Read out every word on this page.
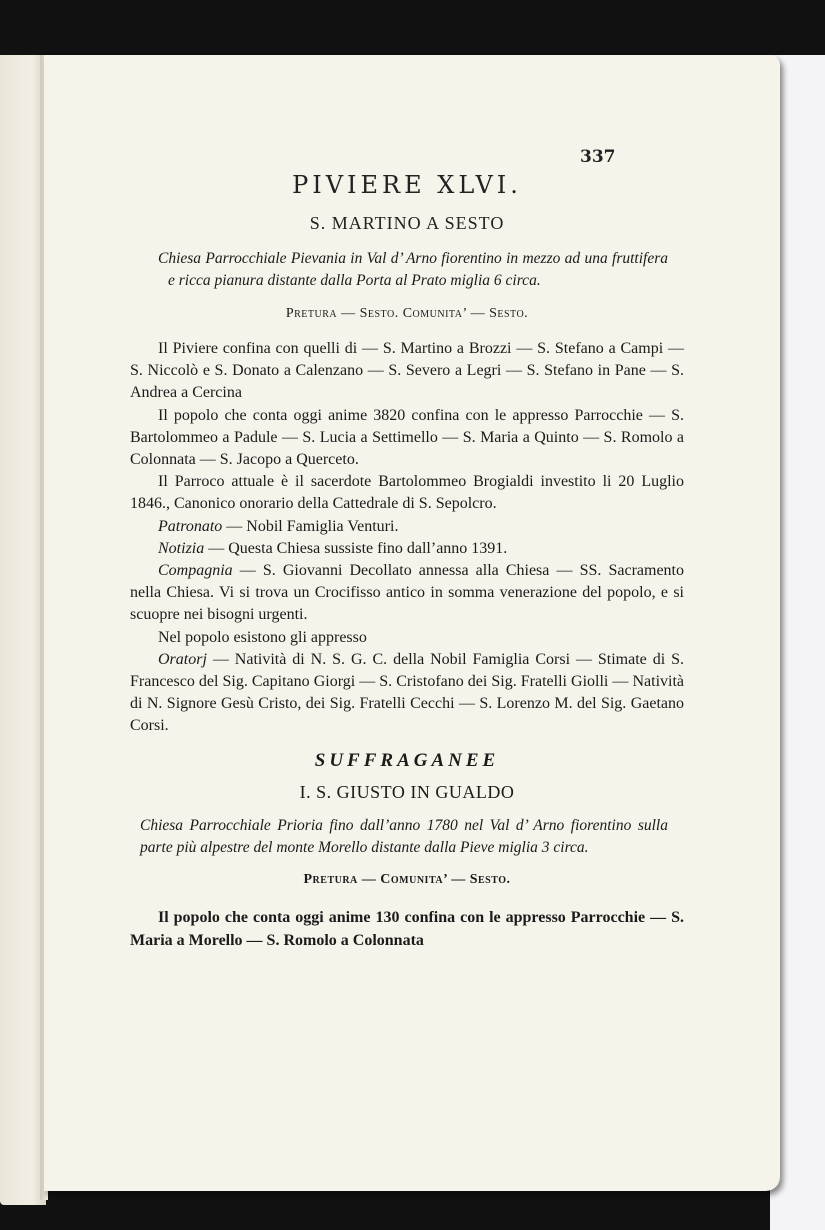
337
PIVIERE XLVI.
S. MARTINO A SESTO
Chiesa Parrocchiale Pievania in Val d’ Arno fiorentino in mezzo ad una fruttifera e ricca pianura distante dalla Porta al Prato miglia 6 circa.
Pretura — Sesto. Comunita’ — Sesto.

Il Piviere confina con quelli di — S. Martino a Brozzi — S. Stefano a Campi — S. Niccolò e S. Donato a Calenzano — S. Severo a Legri — S. Stefano in Pane — S. Andrea a Cercina

Il popolo che conta oggi anime 3820 confina con le appresso Parrocchie — S. Bartolommeo a Padule — S. Lucia a Settimello — S. Maria a Quinto — S. Romolo a Colonnata — S. Jacopo a Querceto.

Il Parroco attuale è il sacerdote Bartolommeo Brogialdi investito li 20 Luglio 1846., Canonico onorario della Cattedrale di S. Sepolcro.

Patronato — Nobil Famiglia Venturi.

Notizia — Questa Chiesa sussiste fino dall’anno 1391.

Compagnia — S. Giovanni Decollato annessa alla Chiesa — SS. Sacramento nella Chiesa. Vi si trova un Crocifisso antico in somma venerazione del popolo, e si scuopre nei bisogni urgenti.

Nel popolo esistono gli appresso

Oratorj — Natività di N. S. G. C. della Nobil Famiglia Corsi — Stimate di S. Francesco del Sig. Capitano Giorgi — S. Cristofano dei Sig. Fratelli Giolli — Natività di N. Signore Gesù Cristo, dei Sig. Fratelli Cecchi — S. Lorenzo M. del Sig. Gaetano Corsi.

SUFFRAGANEE
I. S. GIUSTO IN GUALDO
Chiesa Parrocchiale Prioria fino dall’anno 1780 nel Val d’ Arno fiorentino sulla parte più alpestre del monte Morello distante dalla Pieve miglia 3 circa.
Pretura — Comunita’ — Sesto.

Il popolo che conta oggi anime 130 confina con le appresso Parrocchie — S. Maria a Morello — S. Romolo a Colonnata
